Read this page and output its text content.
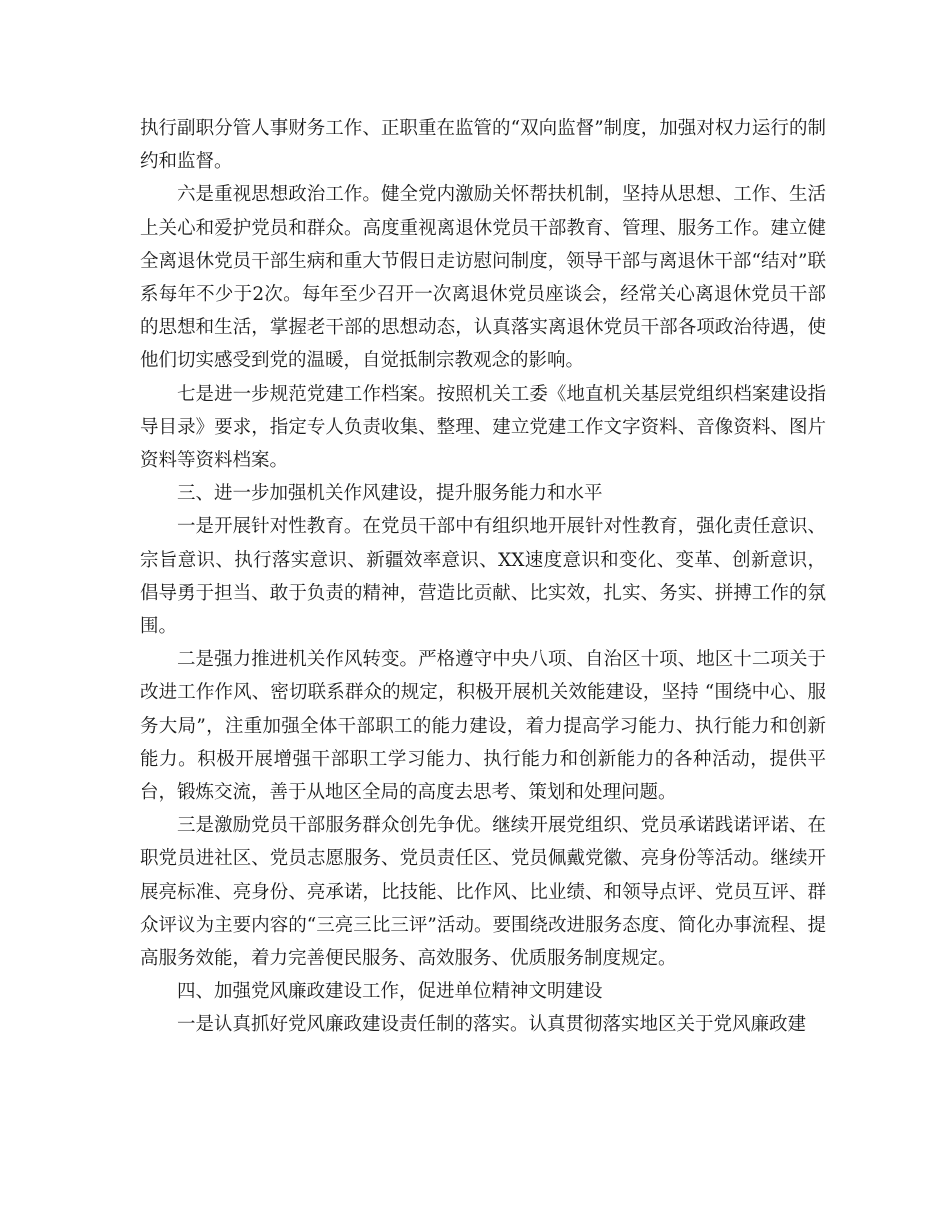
执行副职分管人事财务工作、正职重在监管的“双向监督”制度，加强对权力运行的制约和监督。

六是重视思想政治工作。健全党内激励关怀帮扶机制，坚持从思想、工作、生活上关心和爱护党员和群众。高度重视离退休党员干部教育、管理、服务工作。建立健全离退休党员干部生病和重大节假日走访慰问制度，领导干部与离退休干部“结对”联系每年不少于2次。每年至少召开一次离退休党员座谈会，经常关心离退休党员干部的思想和生活，掌握老干部的思想动态，认真落实离退休党员干部各项政治待遇，使他们切实感受到党的温暖，自觉抵制宗教观念的影响。

七是进一步规范党建工作档案。按照机关工委《地直机关基层党组织档案建设指导目录》要求，指定专人负责收集、整理、建立党建工作文字资料、音像资料、图片资料等资料档案。

三、进一步加强机关作风建设，提升服务能力和水平

一是开展针对性教育。在党员干部中有组织地开展针对性教育，强化责任意识、宗旨意识、执行落实意识、新疆效率意识、XX速度意识和变化、变革、创新意识，倡导勇于担当、敢于负责的精神，营造比贡献、比实效，扎实、务实、拼搏工作的氛围。

二是强力推进机关作风转变。严格遵守中央八项、自治区十项、地区十二项关于改进工作作风、密切联系群众的规定，积极开展机关效能建设，坚持 “围绕中心、服务大局”，注重加强全体干部职工的能力建设，着力提高学习能力、执行能力和创新能力。积极开展增强干部职工学习能力、执行能力和创新能力的各种活动，提供平台，锻炼交流，善于从地区全局的高度去思考、策划和处理问题。

三是激励党员干部服务群众创先争优。继续开展党组织、党员承诺践诺评诺、在职党员进社区、党员志愿服务、党员责任区、党员佩戴党徽、亮身份等活动。继续开展亮标准、亮身份、亮承诺，比技能、比作风、比业绩、和领导点评、党员互评、群众评议为主要内容的“三亮三比三评”活动。要围绕改进服务态度、简化办事流程、提高服务效能，着力完善便民服务、高效服务、优质服务制度规定。

四、加强党风廉政建设工作，促进单位精神文明建设

一是认真抓好党风廉政建设责任制的落实。认真贯彻落实地区关于党风廉政建
